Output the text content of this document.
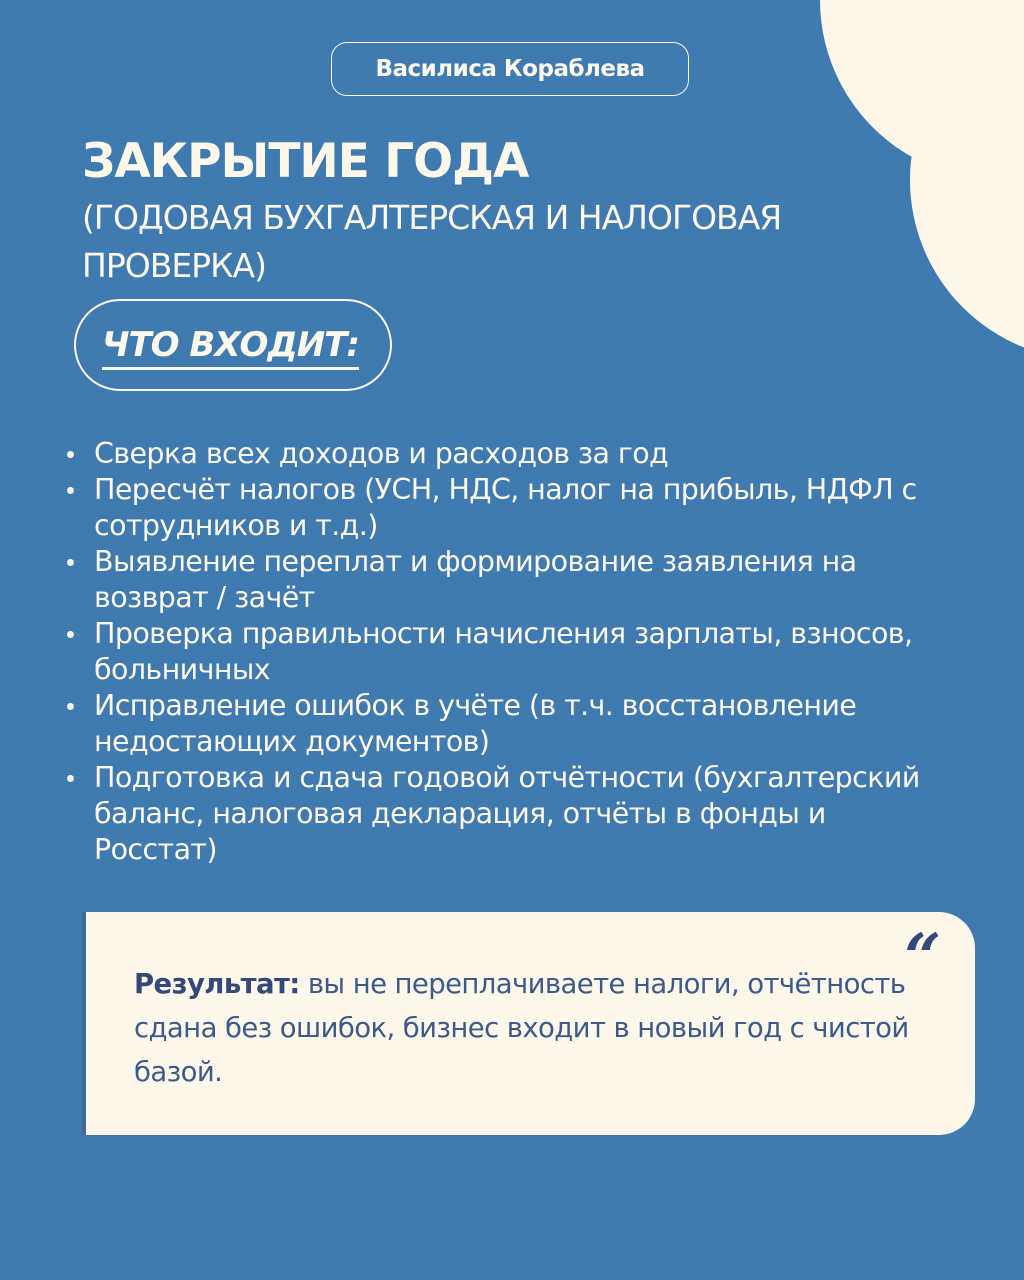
Василиса Кораблева
ЗАКРЫТИЕ ГОДА

(ГОДОВАЯ БУХГАЛТЕРСКАЯ И НАЛОГОВАЯ ПРОВЕРКА)

ЧТО ВХОДИТ:
Сверка всех доходов и расходов за год
Пересчёт налогов (УСН, НДС, налог на прибыль, НДФЛ с сотрудников и т.д.)
Выявление переплат и формирование заявления на возврат / зачёт
Проверка правильности начисления зарплаты, взносов, больничных
Исправление ошибок в учёте (в т.ч. восстановление недостающих документов)
Подготовка и сдача годовой отчётности (бухгалтерский баланс, налоговая декларация, отчёты в фонды и Росстат)
“

Результат: вы не переплачиваете налоги, отчётность сдана без ошибок, бизнес входит в новый год с чистой базой.
